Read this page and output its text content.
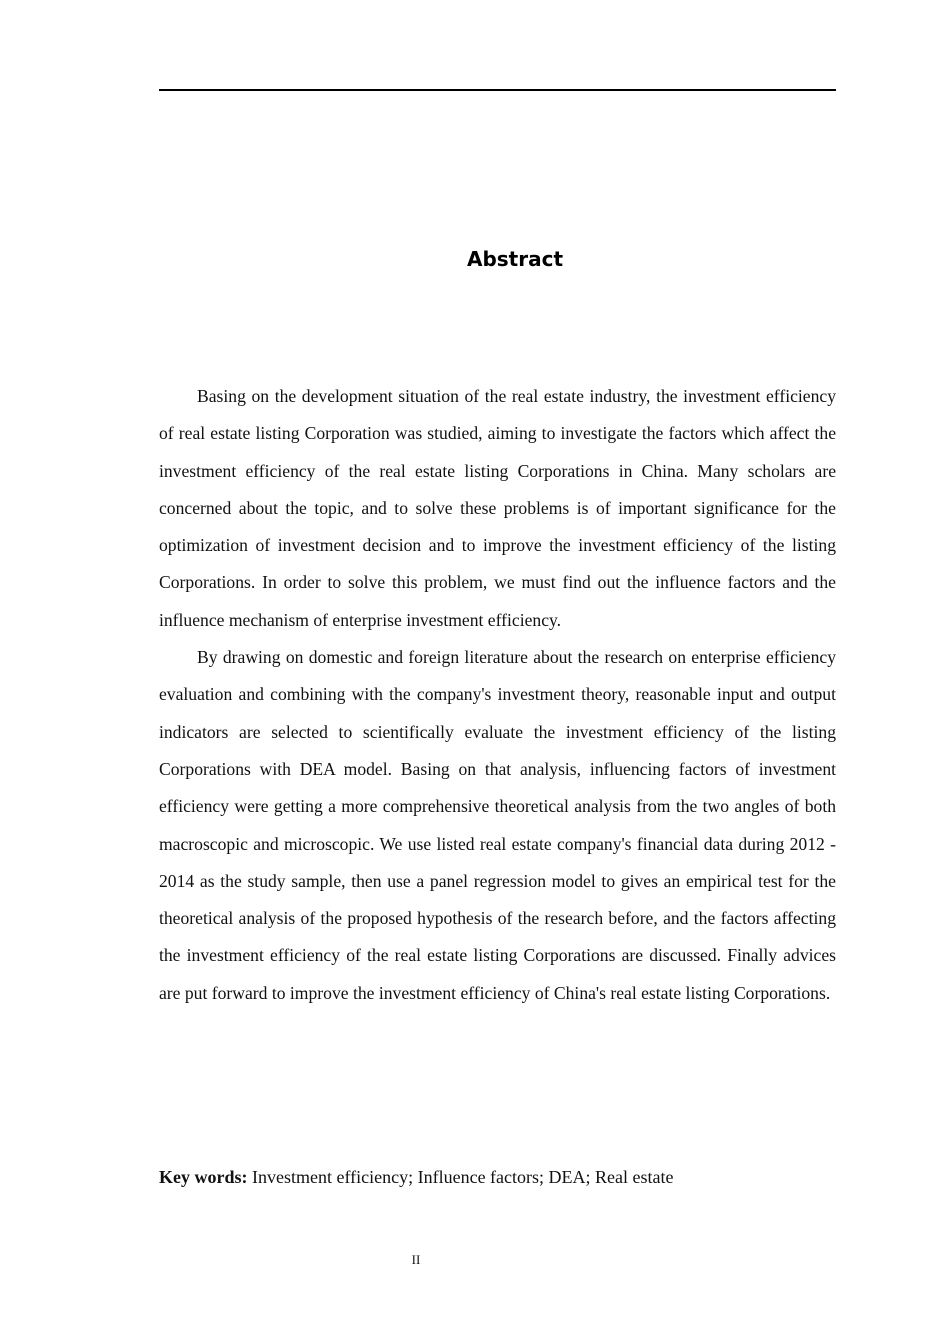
Abstract

Basing on the development situation of the real estate industry, the investment efficiency of real estate listing Corporation was studied, aiming to investigate the factors which affect the investment efficiency of the real estate listing Corporations in China. Many scholars are concerned about the topic, and to solve these problems is of important significance for the optimization of investment decision and to improve the investment efficiency of the listing Corporations. In order to solve this problem, we must find out the influence factors and the influence mechanism of enterprise investment efficiency.

By drawing on domestic and foreign literature about the research on enterprise efficiency evaluation and combining with the company's investment theory, reasonable input and output indicators are selected to scientifically evaluate the investment efficiency of the listing Corporations with DEA model. Basing on that analysis, influencing factors of investment efficiency were getting a more comprehensive theoretical analysis from the two angles of both macroscopic and microscopic. We use listed real estate company's financial data during 2012 - 2014 as the study sample, then use a panel regression model to gives an empirical test for the theoretical analysis of the proposed hypothesis of the research before, and the factors affecting the investment efficiency of the real estate listing Corporations are discussed. Finally advices are put forward to improve the investment efficiency of China's real estate listing Corporations.

Key words: Investment efficiency; Influence factors; DEA; Real estate

II
